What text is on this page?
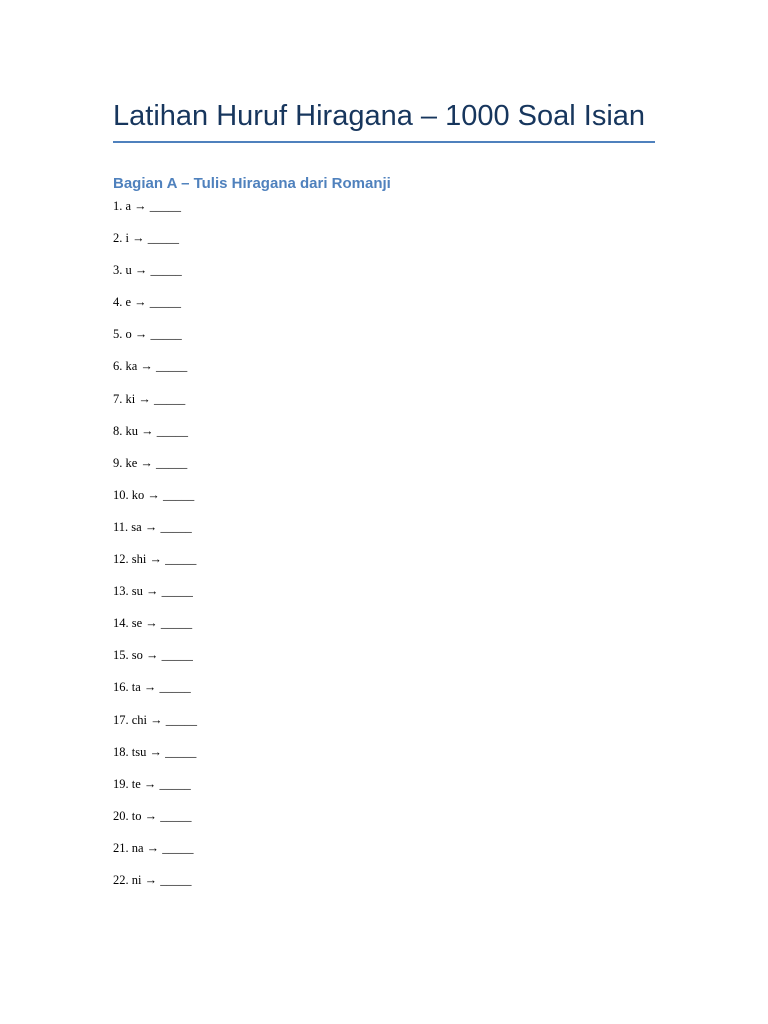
Latihan Huruf Hiragana – 1000 Soal Isian
Bagian A – Tulis Hiragana dari Romanji
1. a → _____
2. i → _____
3. u → _____
4. e → _____
5. o → _____
6. ka → _____
7. ki → _____
8. ku → _____
9. ke → _____
10. ko → _____
11. sa → _____
12. shi → _____
13. su → _____
14. se → _____
15. so → _____
16. ta → _____
17. chi → _____
18. tsu → _____
19. te → _____
20. to → _____
21. na → _____
22. ni → _____
